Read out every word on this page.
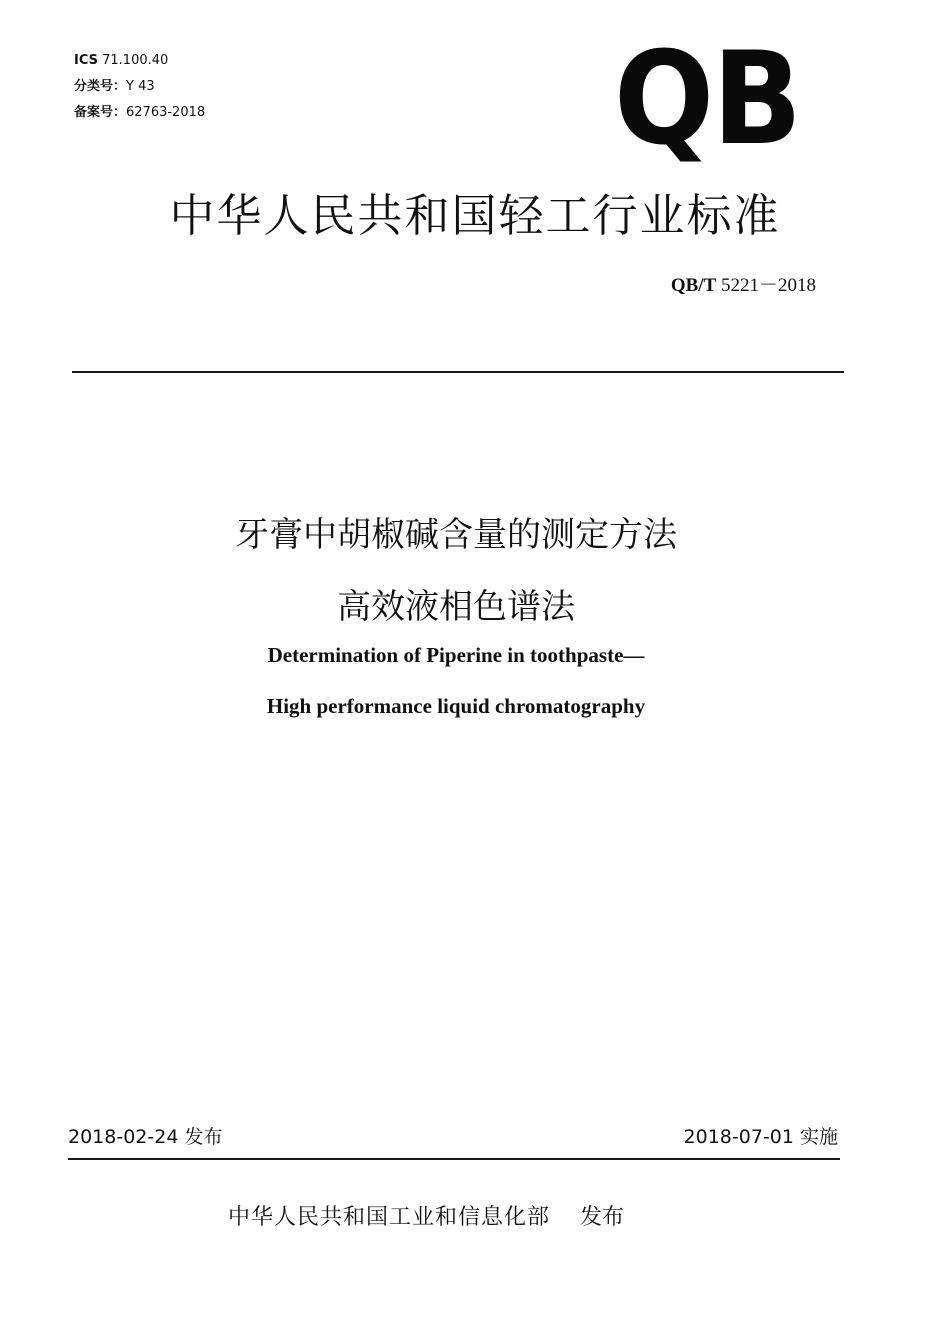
ICS 71.100.40
分类号：Y 43
备案号：62763-2018	QB
中华人民共和国轻工行业标准
QB/T 5221－2018
牙膏中胡椒碱含量的测定方法
高效液相色谱法
Determination of Piperine in toothpaste—
High performance liquid chromatography
2018-02-24 发布	2018-07-01 实施
中华人民共和国工业和信息化部 发布
